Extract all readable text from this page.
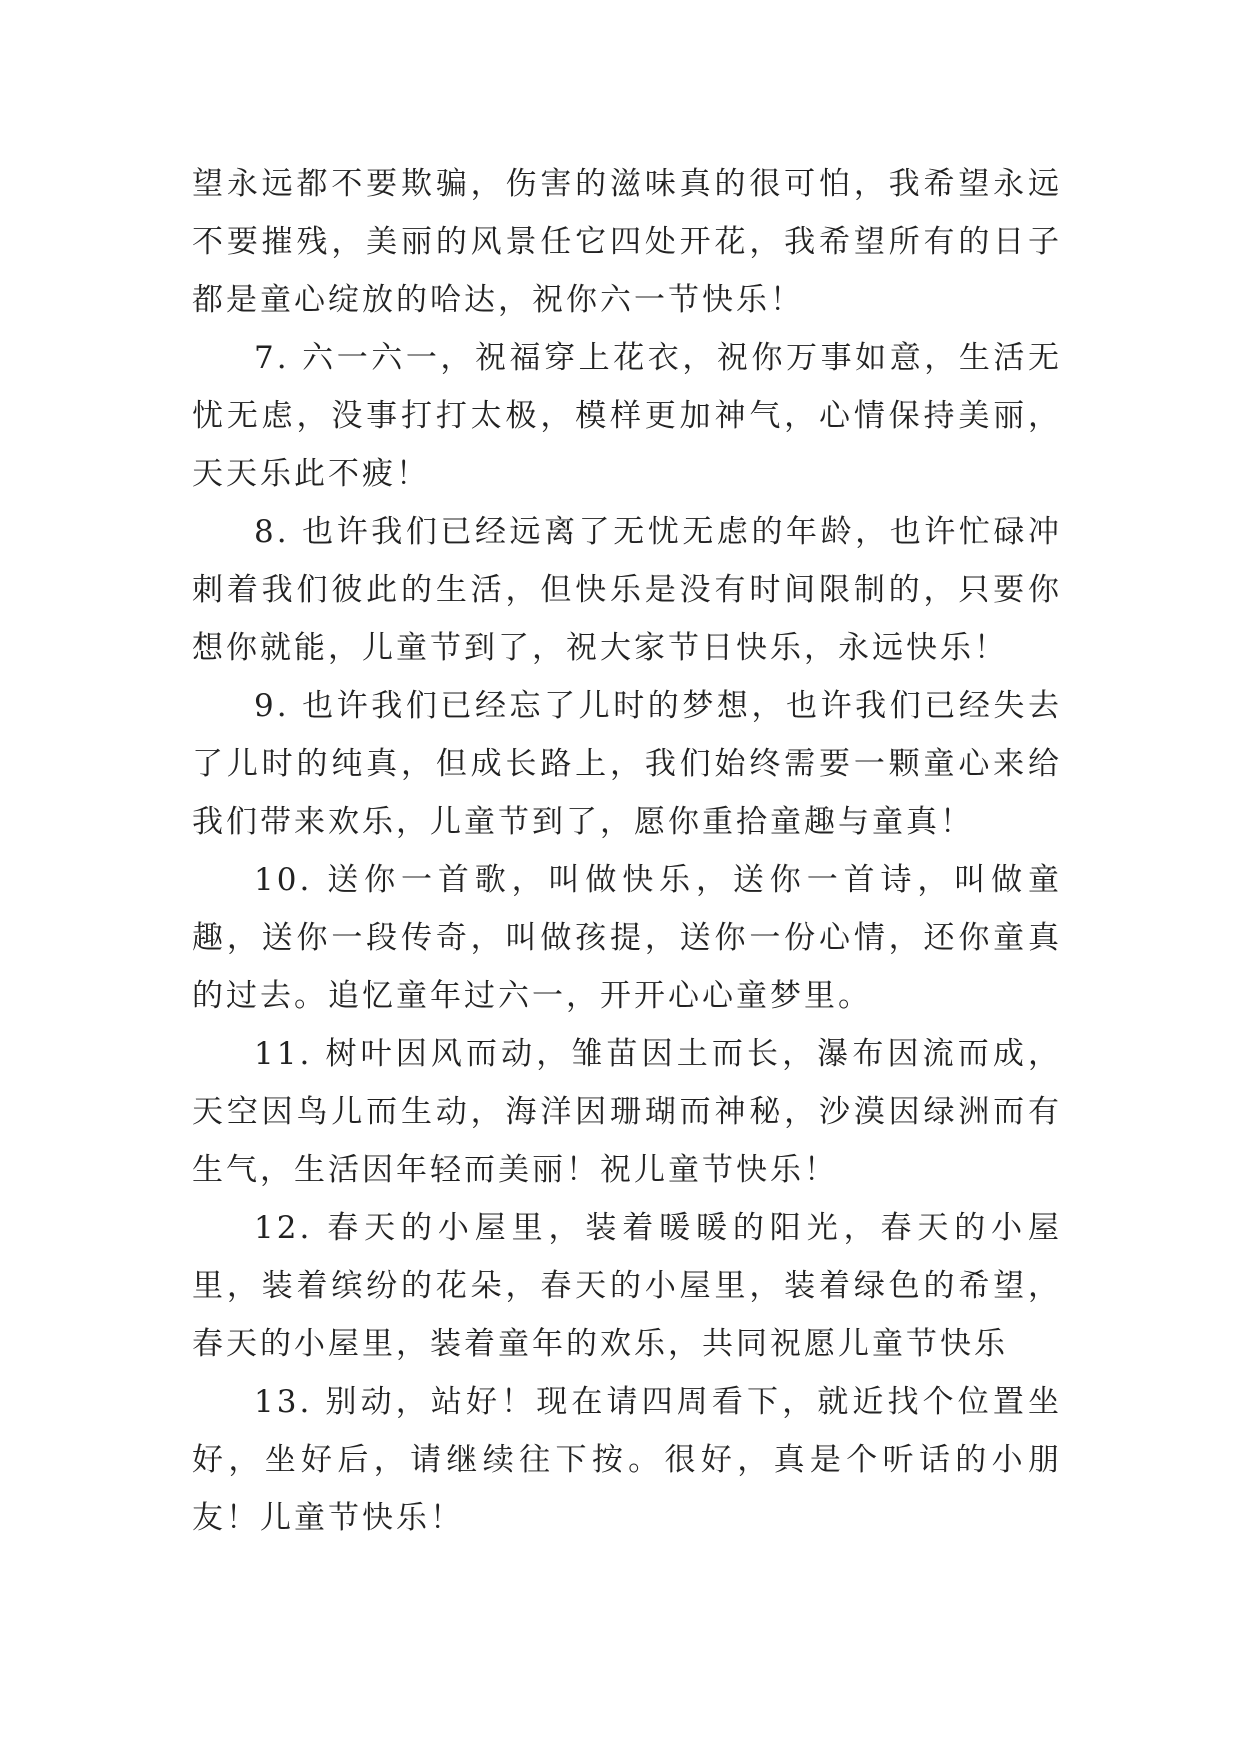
望永远都不要欺骗，伤害的滋味真的很可怕，我希望永远不要摧残，美丽的风景任它四处开花，我希望所有的日子都是童心绽放的哈达，祝你六一节快乐！

7. 六一六一，祝福穿上花衣，祝你万事如意，生活无忧无虑，没事打打太极，模样更加神气，心情保持美丽，天天乐此不疲！

8. 也许我们已经远离了无忧无虑的年龄，也许忙碌冲刺着我们彼此的生活，但快乐是没有时间限制的，只要你想你就能，儿童节到了，祝大家节日快乐，永远快乐！

9. 也许我们已经忘了儿时的梦想，也许我们已经失去了儿时的纯真，但成长路上，我们始终需要一颗童心来给我们带来欢乐，儿童节到了，愿你重拾童趣与童真！

10. 送你一首歌，叫做快乐，送你一首诗，叫做童趣，送你一段传奇，叫做孩提，送你一份心情，还你童真的过去。追忆童年过六一，开开心心童梦里。

11. 树叶因风而动，雏苗因土而长，瀑布因流而成，天空因鸟儿而生动，海洋因珊瑚而神秘，沙漠因绿洲而有生气，生活因年轻而美丽！祝儿童节快乐！

12. 春天的小屋里，装着暖暖的阳光，春天的小屋里，装着缤纷的花朵，春天的小屋里，装着绿色的希望，春天的小屋里，装着童年的欢乐，共同祝愿儿童节快乐

13. 别动，站好！现在请四周看下，就近找个位置坐好，坐好后，请继续往下按。很好，真是个听话的小朋友！儿童节快乐！
